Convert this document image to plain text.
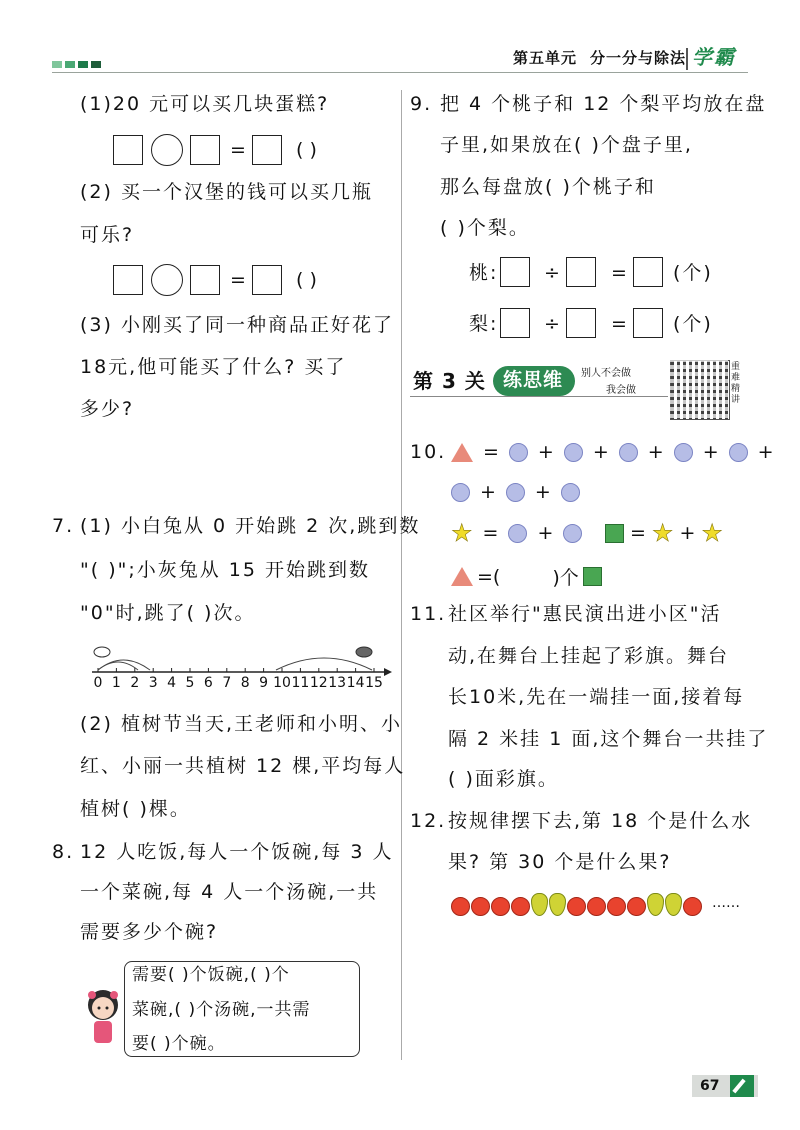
第五单元 分一分与除法 学霸
(1)20 元可以买几块蛋糕?
=	( )
(2) 买一个汉堡的钱可以买几瓶
可乐?
=	( )
(3) 小刚买了同一种商品正好花了
18元,他可能买了什么? 买了
多少?
7. (1) 小白兔从 0 开始跳 2 次,跳到数
"( )";小灰兔从 15 开始跳到数
"0"时,跳了( )次。
0 1 2 3 4 5 6 7 8 9 10 11 12 13 14 15
(2) 植树节当天,王老师和小明、小
红、小丽一共植树 12 棵,平均每人
植树( )棵。
8. 12 人吃饭,每人一个饭碗,每 3 人
一个菜碗,每 4 人一个汤碗,一共
需要多少个碗?
需要( )个饭碗,( )个
菜碗,( )个汤碗,一共需
要( )个碗。
9. 把 4 个桃子和 12 个梨平均放在盘
子里,如果放在( )个盘子里,
那么每盘放( )个桃子和
( )个梨。
桃: ÷	= (个)
梨: ÷	= (个)
第 3 关 练思维 别人不会做
我会做
重难精讲
10. = + + + + +
+ +
★ = +	= ★ + ★
=(	)个
11. 社区举行"惠民演出进小区"活
动,在舞台上挂起了彩旗。舞台
长10米,先在一端挂一面,接着每
隔 2 米挂 1 面,这个舞台一共挂了
( )面彩旗。
12. 按规律摆下去,第 18 个是什么水
果? 第 30 个是什么果?
……
67
